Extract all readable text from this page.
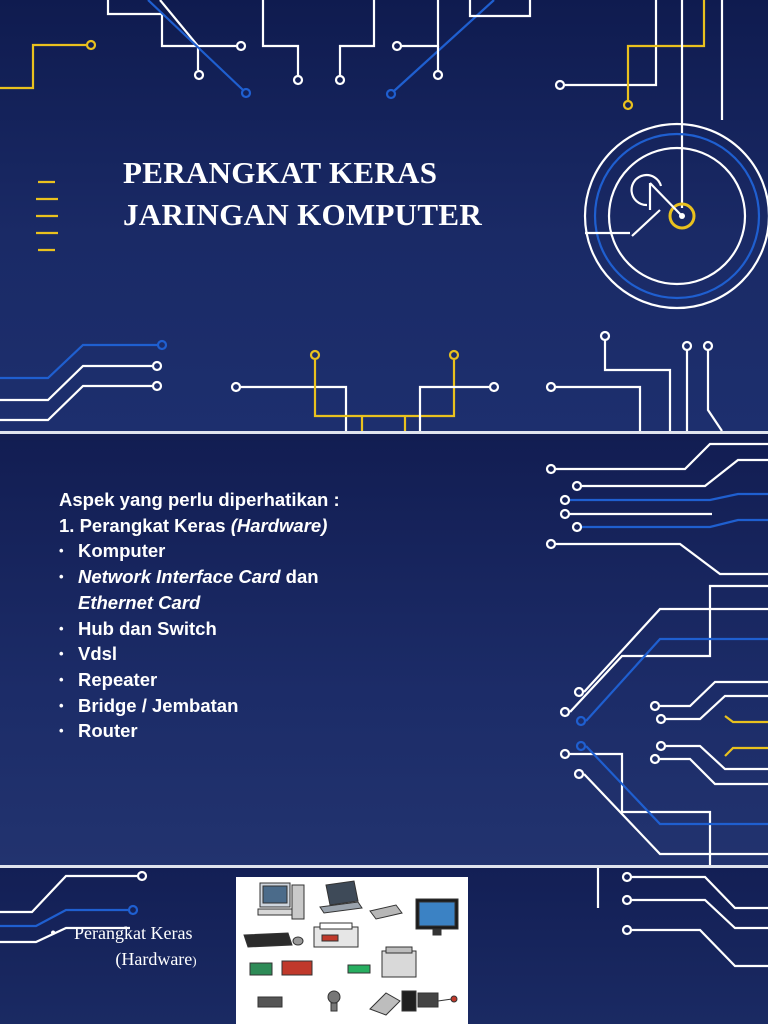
PERANGKAT KERAS
JARINGAN KOMPUTER

Aspek yang perlu diperhatikan :

1. Perangkat Keras (Hardware)

• Komputer
• Network Interface Card dan
Ethernet Card
• Hub dan Switch
• Vdsl
• Repeater
• Bridge / Jembatan
• Router
• Perangkat Keras
(Hardware)
